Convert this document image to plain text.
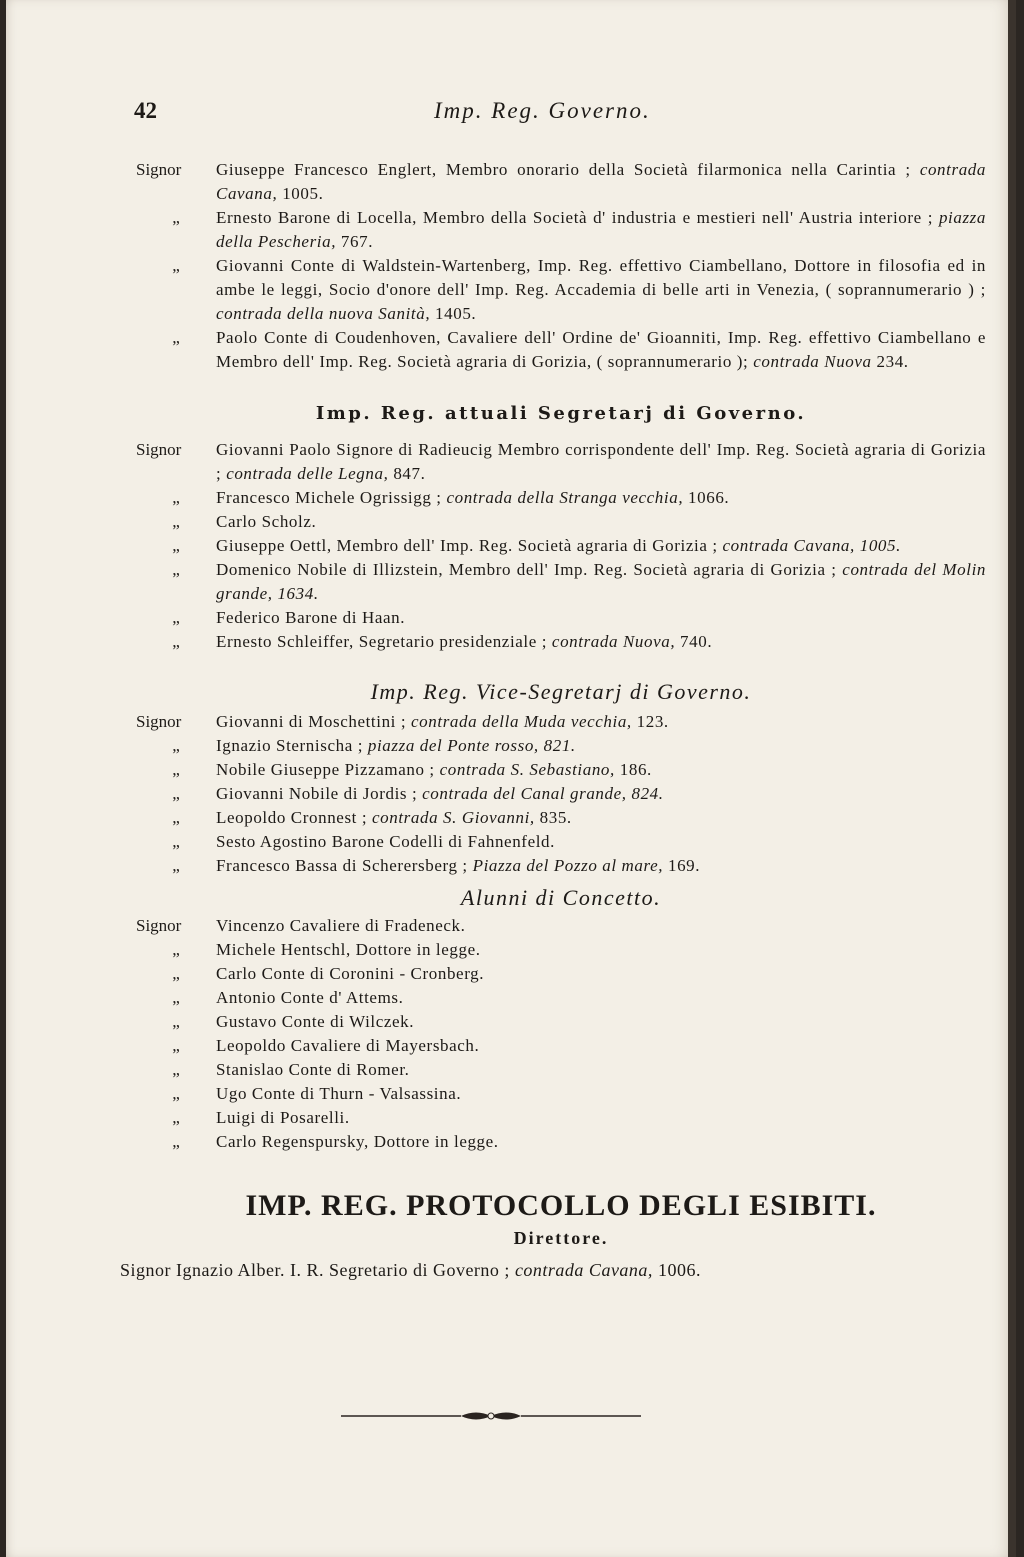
42	Imp. Reg. Governo.
Signor	Giuseppe Francesco Englert, Membro onorario della Società filarmonica nella Carintia ; contrada Cavana, 1005.
„	Ernesto Barone di Locella, Membro della Società d' industria e mestieri nell' Austria interiore ; piazza della Pescheria, 767.
„	Giovanni Conte di Waldstein-Wartenberg, Imp. Reg. effettivo Ciambellano, Dottore in filosofia ed in ambe le leggi, Socio d'onore dell' Imp. Reg. Accademia di belle arti in Venezia, ( soprannumerario ) ; contrada della nuova Sanità, 1405.
„	Paolo Conte di Coudenhoven, Cavaliere dell' Ordine de' Gioanniti, Imp. Reg. effettivo Ciambellano e Membro dell' Imp. Reg. Società agraria di Gorizia, ( soprannumerario ); contrada Nuova 234.

Imp. Reg. attuali Segretarj di Governo.

Signor	Giovanni Paolo Signore di Radieucig Membro corrispondente dell' Imp. Reg. Società agraria di Gorizia ; contrada delle Legna, 847.
„	Francesco Michele Ogrissigg ; contrada della Stranga vecchia, 1066.
„	Carlo Scholz.
„	Giuseppe Oettl, Membro dell' Imp. Reg. Società agraria di Gorizia ; contrada Cavana, 1005.
„	Domenico Nobile di Illizstein, Membro dell' Imp. Reg. Società agraria di Gorizia ; contrada del Molin grande, 1634.
„	Federico Barone di Haan.
„	Ernesto Schleiffer, Segretario presidenziale ; contrada Nuova, 740.

Imp. Reg. Vice-Segretarj di Governo.

Signor	Giovanni di Moschettini ; contrada della Muda vecchia, 123.
„	Ignazio Sternischa ; piazza del Ponte rosso, 821.
„	Nobile Giuseppe Pizzamano ; contrada S. Sebastiano, 186.
„	Giovanni Nobile di Jordis ; contrada del Canal grande, 824.
„	Leopoldo Cronnest ; contrada S. Giovanni, 835.
„	Sesto Agostino Barone Codelli di Fahnenfeld.
„	Francesco Bassa di Scherersberg ; Piazza del Pozzo al mare, 169.

Alunni di Concetto.

Signor	Vincenzo Cavaliere di Fradeneck.
„	Michele Hentschl, Dottore in legge.
„	Carlo Conte di Coronini - Cronberg.
„	Antonio Conte d' Attems.
„	Gustavo Conte di Wilczek.
„	Leopoldo Cavaliere di Mayersbach.
„	Stanislao Conte di Romer.
„	Ugo Conte di Thurn - Valsassina.
„	Luigi di Posarelli.
„	Carlo Regenspursky, Dottore in legge.

IMP. REG. PROTOCOLLO DEGLI ESIBITI.

Direttore.

Signor Ignazio Alber. I. R. Segretario di Governo ; contrada Cavana, 1006.
